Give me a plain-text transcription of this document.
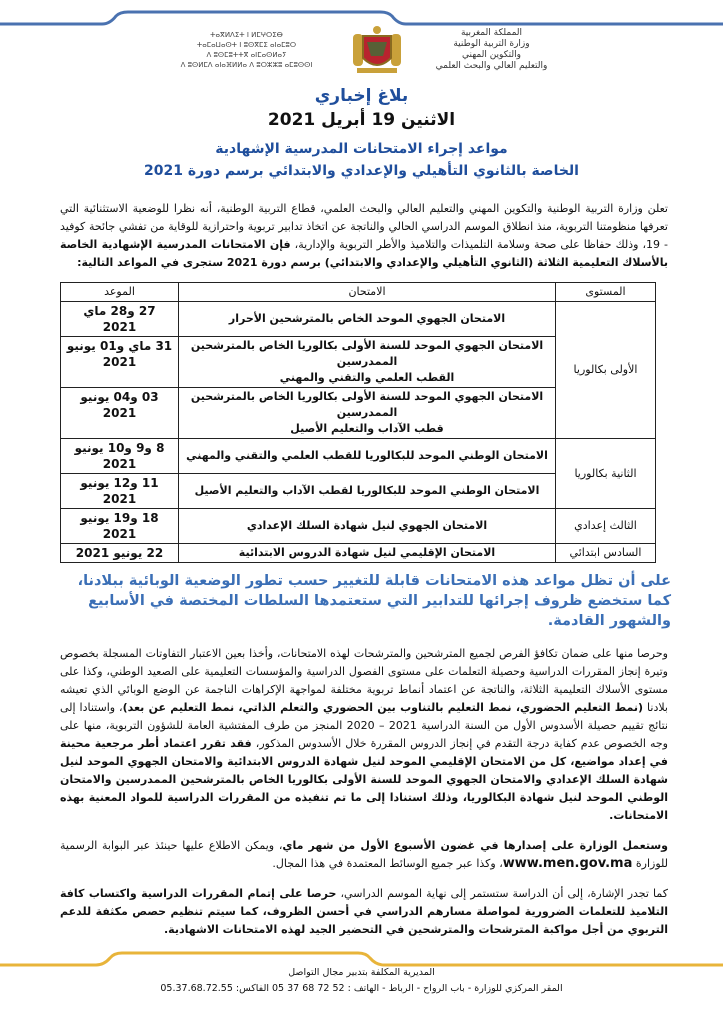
ⵜⴰⴳⵍⴷⵉⵜ ⵏ ⵍⵎⵖⵔⵉⴱ
ⵜⴰⵎⴰⵡⴰⵙⵜ ⵏ ⵓⵙⴳⵎⵉ ⴰⵏⴰⵎⵓⵔ
ⴷ ⵓⵙⵎⵓⵜⵜⴳ ⴰⵏⵎⴰⵙⵍⴰⵢ
ⴷ ⵓⵙⵍⵎⴷ ⴰⵏⴰⴼⵍⵍⴰ ⴷ ⵓⵔⵣⵣⵓ ⴰⵎⵓⵙⵙⵏ
المملكة المغربية
وزارة التربية الوطنية
والتكوين المهني
والتعليم العالي والبحث العلمي
بلاغ إخباري
الاثنين 19 أبريل 2021
مواعد إجراء الامتحانات المدرسية الإشهادية
الخاصة بالثانوي التأهيلي والإعدادي والابتدائي برسم دورة 2021
تعلن وزارة التربية الوطنية والتكوين المهني والتعليم العالي والبحث العلمي، قطاع التربية الوطنية، أنه نظرا للوضعية الاستثنائية التي تعرفها منظومتنا التربوية، منذ انطلاق الموسم الدراسي الحالي والناتجة عن اتخاذ تدابير تربوية واحترازية للوقاية من تفشي جائحة كوفيد - 19، وذلك حفاظا على صحة وسلامة التلميذات والتلاميذ والأطر التربوية والإدارية، فإن الامتحانات المدرسية الإشهادية الخاصة بالأسلاك التعليمية الثلاثة (الثانوي التأهيلي والإعدادي والابتدائي) برسم دورة 2021 ستجرى في المواعد التالية:
المستوى	الامتحان	الموعد
الأولى بكالوريا	الامتحان الجهوي الموحد الخاص بالمترشحين الأحرار	27 و28 ماي 2021

	الامتحان الجهوي الموحد للسنة الأولى بكالوريا الخاص بالمترشحين
الممدرسين
القطب العلمي والتقني والمهني	31 ماي و01 يونيو 2021

	الامتحان الجهوي الموحد للسنة الأولى بكالوريا الخاص بالمترشحين
الممدرسين
قطب الآداب والتعليم الأصيل	03 و04 يونيو 2021
الثانية بكالوريا	الامتحان الوطني الموحد للبكالوريا للقطب العلمي والتقني والمهني	8 و9 و10 يونيو 2021

	الامتحان الوطني الموحد للبكالوريا لقطب الآداب والتعليم الأصيل	11 و12 يونيو 2021
الثالث إعدادي	الامتحان الجهوي لنيل شهادة السلك الإعدادي	18 و19 يونيو 2021
السادس ابتدائي	الامتحان الإقليمي لنيل شهادة الدروس الابتدائية	22 يونيو 2021
على أن تظل مواعد هذه الامتحانات قابلة للتغيير حسب تطور الوضعية الوبائية ببلادنا، كما ستخضع ظروف إجرائها للتدابير التي ستعتمدها السلطات المختصة في الأسابيع والشهور القادمة.
وحرصا منها على ضمان تكافؤ الفرص لجميع المترشحين والمترشحات لهذه الامتحانات، وأخذا بعين الاعتبار التفاوتات المسجلة بخصوص وتيرة إنجاز المقررات الدراسية وحصيلة التعلمات على مستوى الفصول الدراسية والمؤسسات التعليمية على الصعيد الوطني، وكذا على مستوى الأسلاك التعليمية الثلاثة، والناتجة عن اعتماد أنماط تربوية مختلفة لمواجهة الإكراهات الناجمة عن الوضع الوبائي الذي تعيشه بلادنا (نمط التعليم الحضوري، نمط التعليم بالتناوب بين الحضوري والتعلم الذاتي، نمط التعليم عن بعد)، واستنادا إلى نتائج تقييم حصيلة الأسدوس الأول من السنة الدراسية 2021 – 2020 المنجز من طرف المفتشية العامة للشؤون التربوية، منها على وجه الخصوص عدم كفاية درجة التقدم في إنجاز الدروس المقررة خلال الأسدوس المذكور، فقد تقرر اعتماد أطر مرجعية محينة في إعداد مواضيع، كل من الامتحان الإقليمي الموحد لنيل شهادة الدروس الابتدائية والامتحان الجهوي الموحد لنيل شهادة السلك الإعدادي والامتحان الجهوي الموحد للسنة الأولى بكالوريا الخاص بالمترشحين الممدرسين والامتحان الوطني الموحد لنيل شهادة البكالوريا، وذلك استنادا إلى ما تم تنفيذه من المقررات الدراسية للمواد المعنية بهذه الامتحانات.
وستعمل الوزارة على إصدارها في غضون الأسبوع الأول من شهر ماي، ويمكن الاطلاع عليها حينئذ عبر البوابة الرسمية للوزارة www.men.gov.ma، وكذا عبر جميع الوسائط المعتمدة في هذا المجال.
كما تجدر الإشارة، إلى أن الدراسة ستستمر إلى نهاية الموسم الدراسي، حرصا على إتمام المقررات الدراسية واكتساب كافة التلاميذ للتعلمات الضرورية لمواصلة مسارهم الدراسي في أحسن الظروف، كما سيتم تنظيم حصص مكثفة للدعم التربوي من أجل مواكبة المترشحات والمترشحين في التحضير الجيد لهذه الامتحانات الاشهادية.
المديرية المكلفة بتدبير مجال التواصل
المقر المركزي للوزارة - باب الرواح - الرباط - الهاتف : 52 72 68 37 05 الفاكس: 05.37.68.72.55
